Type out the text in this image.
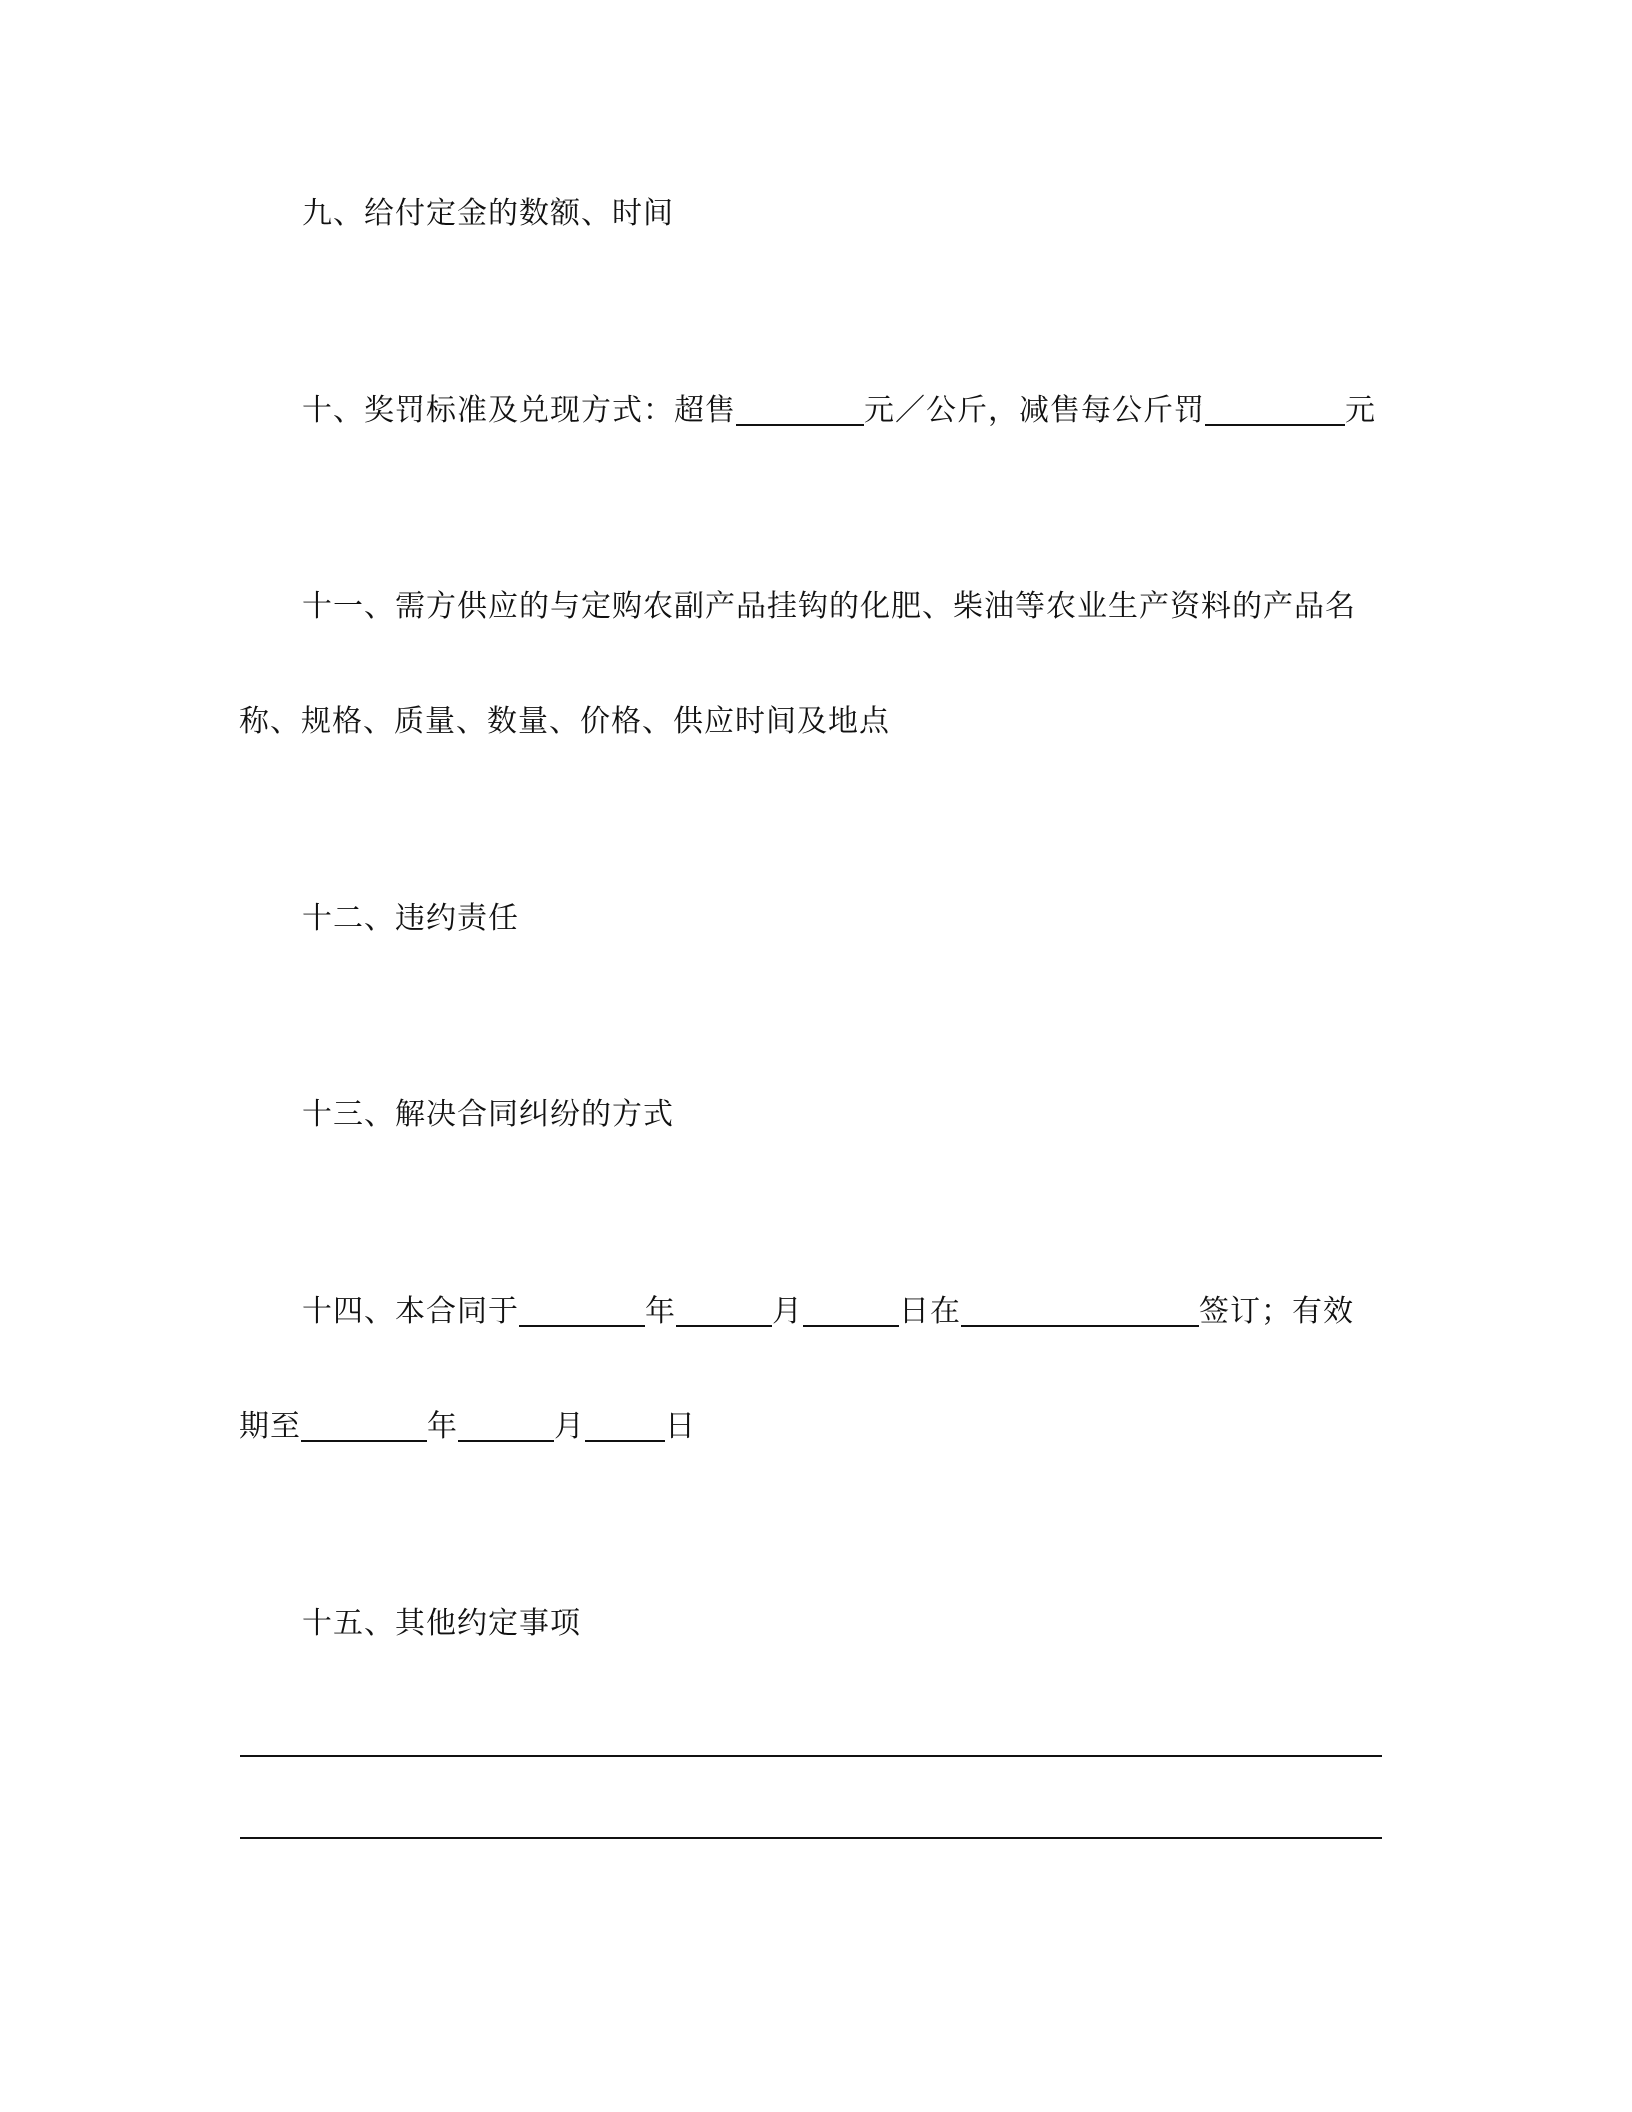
九、给付定金的数额、时间
十、奖罚标准及兑现方式：超售	元／公斤，减售每公斤罚	元
十一、需方供应的与定购农副产品挂钩的化肥、柴油等农业生产资料的产品名
称、规格、质量、数量、价格、供应时间及地点
十二、违约责任
十三、解决合同纠纷的方式
十四、本合同于	年	月	日在	签订；有效
期至	年	月	日
十五、其他约定事项
